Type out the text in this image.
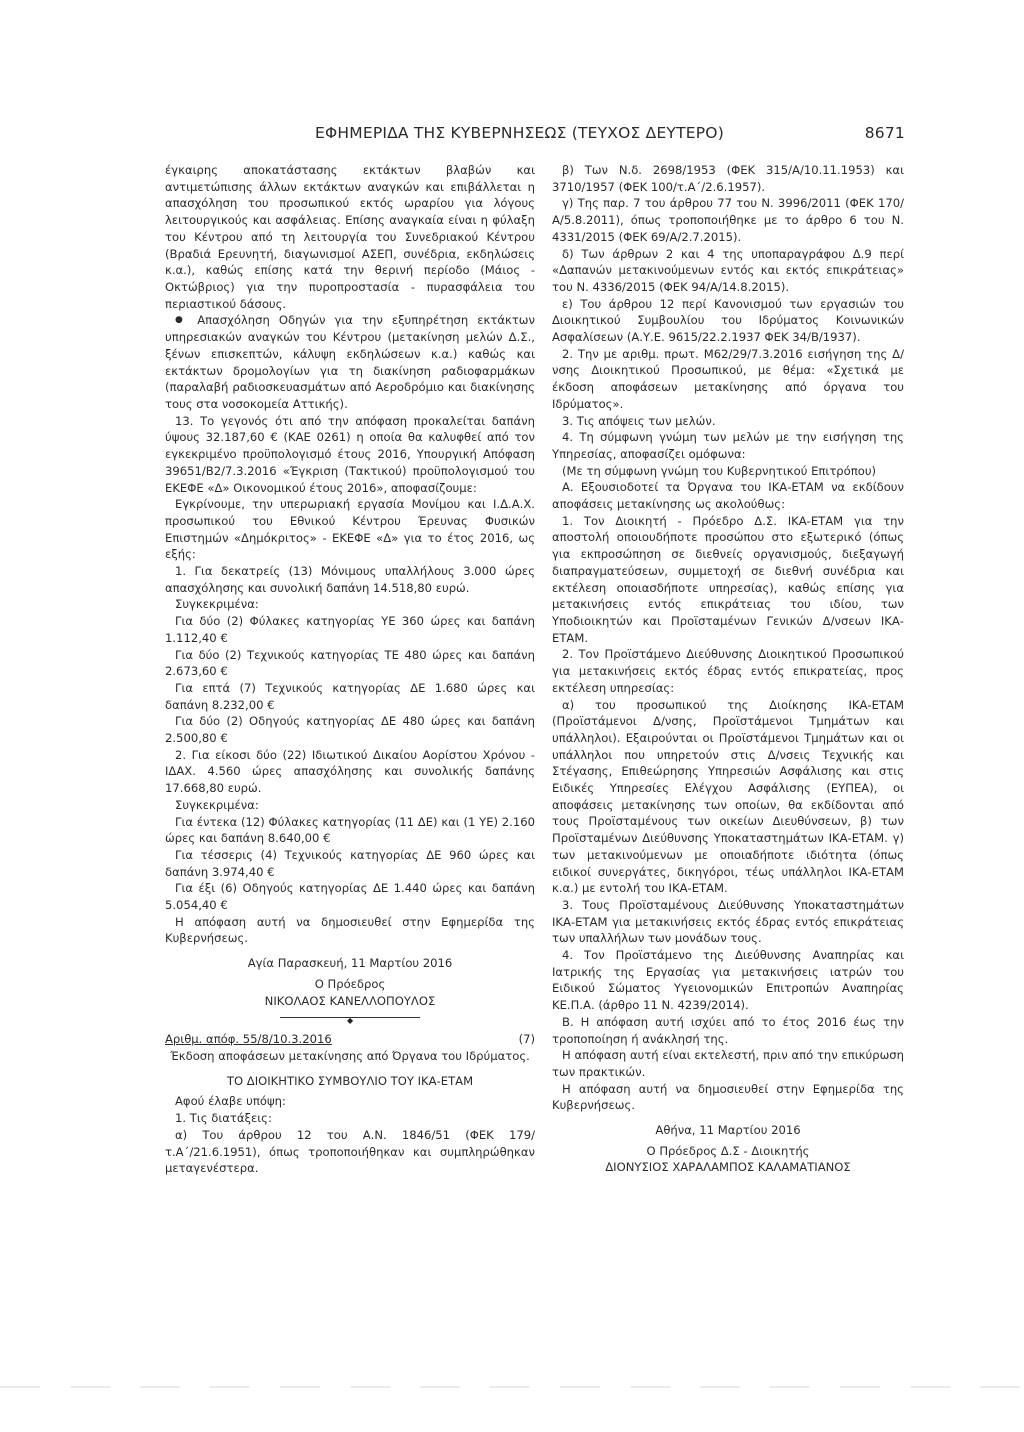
ΕΦΗΜΕΡΙΔΑ ΤΗΣ ΚΥΒΕΡΝΗΣΕΩΣ (ΤΕΥΧΟΣ ΔΕΥΤΕΡΟ)	8671

έγκαιρης αποκατάστασης εκτάκτων βλαβών και αντιμετώπισης άλλων εκτάκτων αναγκών και επιβάλλεται η απασχόληση του προσωπικού εκτός ωραρίου για λόγους λειτουργικούς και ασφάλειας. Επίσης αναγκαία είναι η φύλαξη του Κέντρου από τη λειτουργία του Συνεδριακού Κέντρου (Βραδιά Ερευνητή, διαγωνισμοί ΑΣΕΠ, συνέδρια, εκδηλώσεις κ.α.), καθώς επίσης κατά την θερινή περίοδο (Μάιος - Οκτώβριος) για την πυροπροστασία - πυρασφάλεια του περιαστικού δάσους.

● Απασχόληση Οδηγών για την εξυπηρέτηση εκτάκτων υπηρεσιακών αναγκών του Κέντρου (μετακίνηση μελών Δ.Σ., ξένων επισκεπτών, κάλυψη εκδηλώσεων κ.α.) καθώς και εκτάκτων δρομολογίων για τη διακίνηση ραδιοφαρμάκων (παραλαβή ραδιοσκευασμάτων από Αεροδρόμιο και διακίνησης τους στα νοσοκομεία Αττικής).

13. Το γεγονός ότι από την απόφαση προκαλείται δαπάνη ύψους 32.187,60 € (ΚΑΕ 0261) η οποία θα καλυφθεί από τον εγκεκριμένο προϋπολογισμό έτους 2016, Υπουργική Απόφαση 39651/Β2/7.3.2016 «Έγκριση (Τακτικού) προϋπολογισμού του ΕΚΕΦΕ «Δ» Οικονομικού έτους 2016», αποφασίζουμε:

Εγκρίνουμε, την υπερωριακή εργασία Μονίμου και Ι.Δ.Α.Χ. προσωπικού του Εθνικού Κέντρου Έρευνας Φυσικών Επιστημών «Δημόκριτος» - ΕΚΕΦΕ «Δ» για το έτος 2016, ως εξής:

1. Για δεκατρείς (13) Μόνιμους υπαλλήλους 3.000 ώρες απασχόλησης και συνολική δαπάνη 14.518,80 ευρώ.

Συγκεκριμένα:

Για δύο (2) Φύλακες κατηγορίας ΥΕ 360 ώρες και δαπάνη 1.112,40 €

Για δύο (2) Τεχνικούς κατηγορίας ΤΕ 480 ώρες και δαπάνη 2.673,60 €

Για επτά (7) Τεχνικούς κατηγορίας ΔΕ 1.680 ώρες και δαπάνη 8.232,00 €

Για δύο (2) Οδηγούς κατηγορίας ΔΕ 480 ώρες και δαπάνη 2.500,80 €

2. Για είκοσι δύο (22) Ιδιωτικού Δικαίου Αορίστου Χρόνου - ΙΔΑΧ. 4.560 ώρες απασχόλησης και συνολικής δαπάνης 17.668,80 ευρώ.

Συγκεκριμένα:

Για έντεκα (12) Φύλακες κατηγορίας (11 ΔΕ) και (1 ΥΕ) 2.160 ώρες και δαπάνη 8.640,00 €

Για τέσσερις (4) Τεχνικούς κατηγορίας ΔΕ 960 ώρες και δαπάνη 3.974,40 €

Για έξι (6) Οδηγούς κατηγορίας ΔΕ 1.440 ώρες και δαπάνη 5.054,40 €

Η απόφαση αυτή να δημοσιευθεί στην Εφημερίδα της Κυβερνήσεως.

Αγία Παρασκευή, 11 Μαρτίου 2016

Ο Πρόεδρος

ΝΙΚΟΛΑΟΣ ΚΑΝΕΛΛΟΠΟΥΛΟΣ

◆

Αριθμ. απόφ. 55/8/10.3.2016	(7)

Έκδοση αποφάσεων μετακίνησης από Όργανα του Ιδρύματος.

ΤΟ ΔΙΟΙΚΗΤΙΚΟ ΣΥΜΒΟΥΛΙΟ ΤΟΥ ΙΚΑ-ΕΤΑΜ

Αφού έλαβε υπόψη:

1. Τις διατάξεις:

α) Του άρθρου 12 του Α.Ν. 1846/51 (ΦΕΚ 179/τ.Α΄/21.6.1951), όπως τροποποιήθηκαν και συμπληρώθηκαν μεταγενέστερα.

β) Των Ν.δ. 2698/1953 (ΦΕΚ 315/Α/10.11.1953) και 3710/1957 (ΦΕΚ 100/τ.Α΄/2.6.1957).

γ) Της παρ. 7 του άρθρου 77 του Ν. 3996/2011 (ΦΕΚ 170/Α/5.8.2011), όπως τροποποιήθηκε με το άρθρο 6 του Ν. 4331/2015 (ΦΕΚ 69/Α/2.7.2015).

δ) Των άρθρων 2 και 4 της υποπαραγράφου Δ.9 περί «Δαπανών μετακινούμενων εντός και εκτός επικράτειας» του Ν. 4336/2015 (ΦΕΚ 94/Α/14.8.2015).

ε) Του άρθρου 12 περί Κανονισμού των εργασιών του Διοικητικού Συμβουλίου του Ιδρύματος Κοινωνικών Ασφαλίσεων (Α.Υ.Ε. 9615/22.2.1937 ΦΕΚ 34/Β/1937).

2. Την με αριθμ. πρωτ. Μ62/29/7.3.2016 εισήγηση της Δ/νσης Διοικητικού Προσωπικού, με θέμα: «Σχετικά με έκδοση αποφάσεων μετακίνησης από όργανα του Ιδρύματος».

3. Τις απόψεις των μελών.

4. Τη σύμφωνη γνώμη των μελών με την εισήγηση της Υπηρεσίας, αποφασίζει ομόφωνα:

(Με τη σύμφωνη γνώμη του Κυβερνητικού Επιτρόπου)

Α. Εξουσιοδοτεί τα Όργανα του ΙΚΑ-ΕΤΑΜ να εκδίδουν αποφάσεις μετακίνησης ως ακολούθως:

1. Τον Διοικητή - Πρόεδρο Δ.Σ. ΙΚΑ-ΕΤΑΜ για την αποστολή οποιουδήποτε προσώπου στο εξωτερικό (όπως για εκπροσώπηση σε διεθνείς οργανισμούς, διεξαγωγή διαπραγματεύσεων, συμμετοχή σε διεθνή συνέδρια και εκτέλεση οποιασδήποτε υπηρεσίας), καθώς επίσης για μετακινήσεις εντός επικράτειας του ιδίου, των Υποδιοικητών και Προϊσταμένων Γενικών Δ/νσεων ΙΚΑ-ΕΤΑΜ.

2. Τον Προϊστάμενο Διεύθυνσης Διοικητικού Προσωπικού για μετακινήσεις εκτός έδρας εντός επικρατείας, προς εκτέλεση υπηρεσίας:

α) του προσωπικού της Διοίκησης ΙΚΑ-ΕΤΑΜ (Προϊστάμενοι Δ/νσης, Προϊστάμενοι Τμημάτων και υπάλληλοι). Εξαιρούνται οι Προϊστάμενοι Τμημάτων και οι υπάλληλοι που υπηρετούν στις Δ/νσεις Τεχνικής και Στέγασης, Επιθεώρησης Υπηρεσιών Ασφάλισης και στις Ειδικές Υπηρεσίες Ελέγχου Ασφάλισης (ΕΥΠΕΑ), οι αποφάσεις μετακίνησης των οποίων, θα εκδίδονται από τους Προϊσταμένους των οικείων Διευθύνσεων, β) των Προϊσταμένων Διεύθυνσης Υποκαταστημάτων ΙΚΑ-ΕΤΑΜ. γ) των μετακινούμενων με οποιαδήποτε ιδιότητα (όπως ειδικοί συνεργάτες, δικηγόροι, τέως υπάλληλοι ΙΚΑ-ΕΤΑΜ κ.α.) με εντολή του ΙΚΑ-ΕΤΑΜ.

3. Τους Προϊσταμένους Διεύθυνσης Υποκαταστημάτων ΙΚΑ-ΕΤΑΜ για μετακινήσεις εκτός έδρας εντός επικράτειας των υπαλλήλων των μονάδων τους.

4. Τον Προϊστάμενο της Διεύθυνσης Αναπηρίας και Ιατρικής της Εργασίας για μετακινήσεις ιατρών του Ειδικού Σώματος Υγειονομικών Επιτροπών Αναπηρίας ΚΕ.Π.Α. (άρθρο 11 Ν. 4239/2014).

Β. Η απόφαση αυτή ισχύει από το έτος 2016 έως την τροποποίηση ή ανάκλησή της.

Η απόφαση αυτή είναι εκτελεστή, πριν από την επικύρωση των πρακτικών.

Η απόφαση αυτή να δημοσιευθεί στην Εφημερίδα της Κυβερνήσεως.

Αθήνα, 11 Μαρτίου 2016

Ο Πρόεδρος Δ.Σ - Διοικητής

ΔΙΟΝΥΣΙΟΣ ΧΑΡΑΛΑΜΠΟΣ ΚΑΛΑΜΑΤΙΑΝΟΣ
